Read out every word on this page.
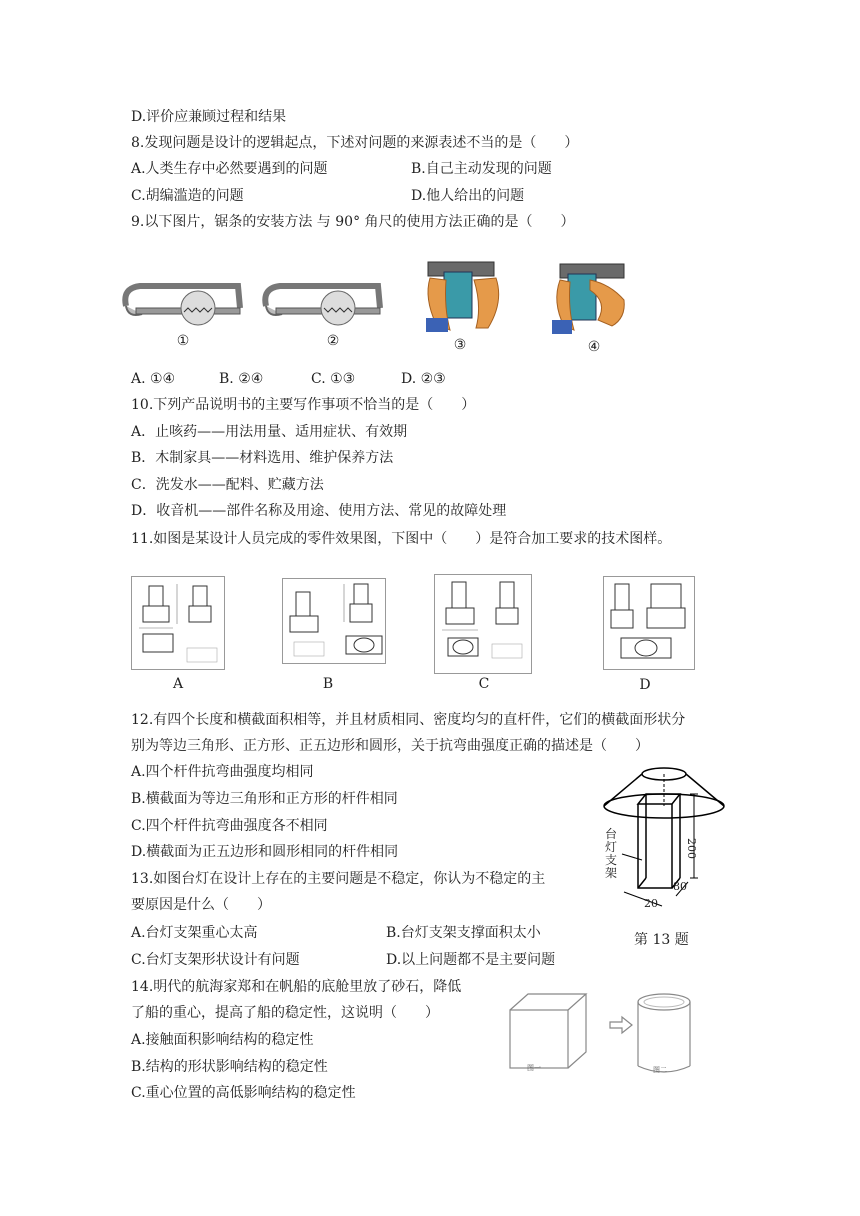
D.评价应兼顾过程和结果
8.发现问题是设计的逻辑起点，下述对问题的来源表述不当的是（　　）
A.人类生存中必然要遇到的问题	B.自己主动发现的问题
C.胡编滥造的问题	D.他人给出的问题
9.以下图片，锯条的安装方法 与 90° 角尺的使用方法正确的是（　　）
①	②	③	④
A. ①④	B. ②④	C. ①③	D. ②③
10.下列产品说明书的主要写作事项不恰当的是（　　）
A．止咳药——用法用量、适用症状、有效期
B．木制家具——材料选用、维护保养方法
C．洗发水——配料、贮藏方法
D．收音机——部件名称及用途、使用方法、常见的故障处理
11.如图是某设计人员完成的零件效果图，下图中（　　）是符合加工要求的技术图样。
A	B	C	D
12.有四个长度和横截面积相等，并且材质相同、密度均匀的直杆件，它们的横截面形状分
别为等边三角形、正方形、正五边形和圆形，关于抗弯曲强度正确的描述是（　　）
A.四个杆件抗弯曲强度均相同
B.横截面为等边三角形和正方形的杆件相同
C.四个杆件抗弯曲强度各不相同
D.横截面为正五边形和圆形相同的杆件相同
台
灯
支
架
200
80
20
第 13 题
13.如图台灯在设计上存在的主要问题是不稳定，你认为不稳定的主
要原因是什么（　　）
A.台灯支架重心太高	B.台灯支架支撑面积太小
C.台灯支架形状设计有问题	D.以上问题都不是主要问题
14.明代的航海家郑和在帆船的底舱里放了砂石，降低
了船的重心，提高了船的稳定性，这说明（　　）
A.接触面积影响结构的稳定性
B.结构的形状影响结构的稳定性
C.重心位置的高低影响结构的稳定性
图一	图二
